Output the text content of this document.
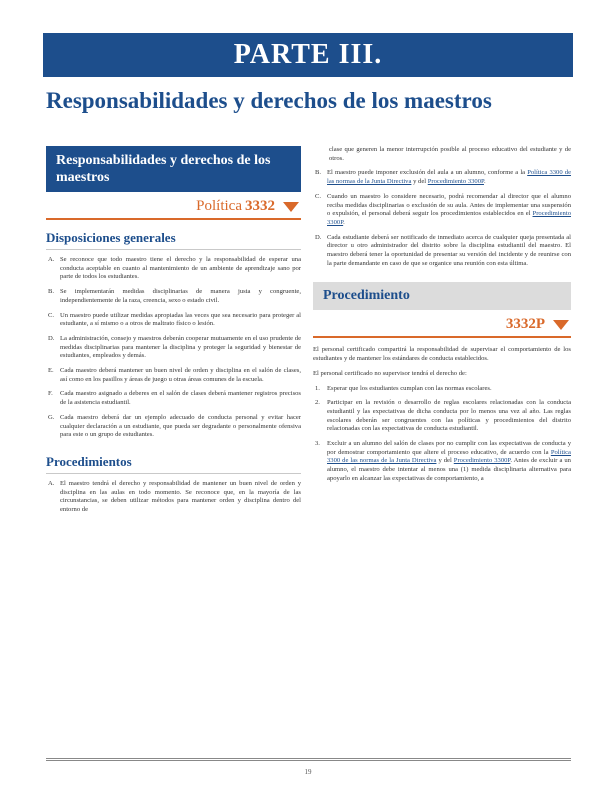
PARTE III.
Responsabilidades y derechos de los maestros
Responsabilidades y derechos de los maestros
Política 3332
Disposiciones generales
A. Se reconoce que todo maestro tiene el derecho y la responsabilidad de esperar una conducta aceptable en cuanto al mantenimiento de un ambiente de aprendizaje sano por parte de todos los estudiantes.
B. Se implementarán medidas disciplinarias de manera justa y congruente, independientemente de la raza, creencia, sexo o estado civil.
C. Un maestro puede utilizar medidas apropiadas las veces que sea necesario para proteger al estudiante, a sí mismo o a otros de maltrato físico o lesión.
D. La administración, consejo y maestros deberán cooperar mutuamente en el uso prudente de medidas disciplinarias para mantener la disciplina y proteger la seguridad y bienestar de estudiantes, empleados y demás.
E. Cada maestro deberá mantener un buen nivel de orden y disciplina en el salón de clases, así como en los pasillos y áreas de juego u otras áreas comunes de la escuela.
F.	Cada maestro asignado a deberes en el salón de clases deberá mantener registros precisos de la asistencia estudiantil.
G. Cada maestro deberá dar un ejemplo adecuado de conducta personal y evitar hacer cualquier declaración a un estudiante, que pueda ser degradante o personalmente ofensiva para este o un grupo de estudiantes.
Procedimientos
A. El maestro tendrá el derecho y responsabilidad de mantener un buen nivel de orden y disciplina en las aulas en todo momento. Se reconoce que, en la mayoría de las circunstancias, se deben utilizar métodos para mantener orden y disciplina dentro del entorno de
clase que generen la menor interrupción posible al proceso educativo del estudiante y de otros.
B. El maestro puede imponer exclusión del aula a un alumno, conforme a la Política 3300 de las normas de la Junta Directiva y del Procedimiento 3300P.
C. Cuando un maestro lo considere necesario, podrá recomendar al director que el alumno reciba medidas disciplinarias o exclusión de su aula. Antes de implementar una suspensión o expulsión, el personal deberá seguir los procedimientos establecidos en el Procedimiento 3300P.
D. Cada estudiante deberá ser notificado de inmediato acerca de cualquier queja presentada al director u otro administrador del distrito sobre la disciplina estudiantil del maestro. El maestro deberá tener la oportunidad de presentar su versión del incidente y de reunirse con la parte demandante en caso de que se organice una reunión con esta última.
Procedimiento
3332P
El personal certificado compartirá la responsabilidad de supervisar el comportamiento de los estudiantes y de mantener los estándares de conducta establecidos.
El personal certificado no supervisor tendrá el derecho de:
1.	Esperar que los estudiantes cumplan con las normas escolares.
2.	Participar en la revisión o desarrollo de reglas escolares relacionadas con la conducta estudiantil y las expectativas de dicha conducta por lo menos una vez al año. Las reglas escolares deberán ser congruentes con las políticas y procedimientos del distrito relacionadas con las expectativas de conducta estudiantil.
3.	Excluir a un alumno del salón de clases por no cumplir con las expectativas de conducta y por demostrar comportamiento que altere el proceso educativo, de acuerdo con la Política 3300 de las normas de la Junta Directiva y del Procedimiento 3300P. Antes de excluir a un alumno, el maestro debe intentar al menos una (1) medida disciplinaria alternativa para apoyarlo en alcanzar las expectativas de comportamiento, a
19
